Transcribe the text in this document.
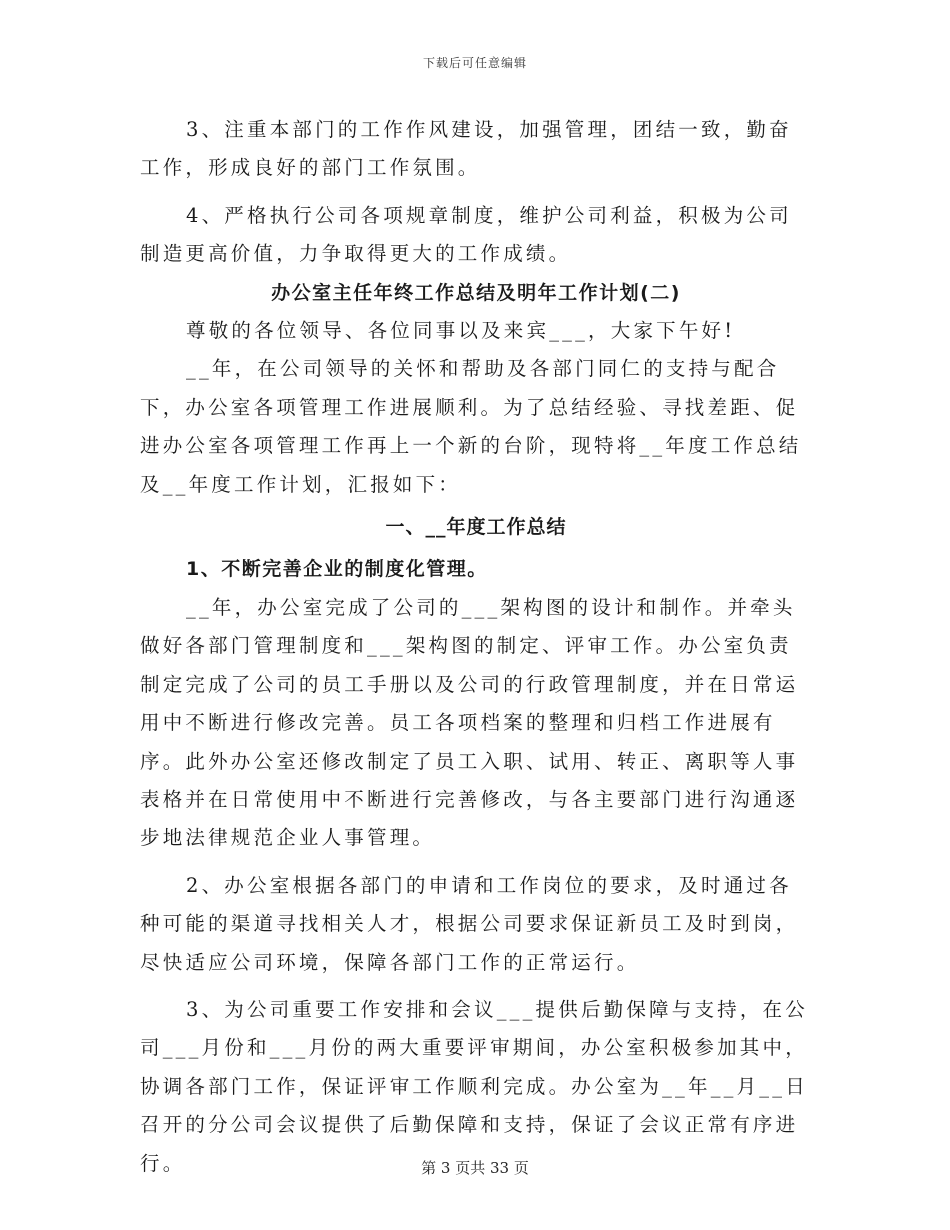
下载后可任意编辑

3、注重本部门的工作作风建设，加强管理，团结一致，勤奋工作，形成良好的部门工作氛围。

4、严格执行公司各项规章制度，维护公司利益，积极为公司制造更高价值，力争取得更大的工作成绩。

办公室主任年终工作总结及明年工作计划(二)

尊敬的各位领导、各位同事以及来宾___，大家下午好!

__年，在公司领导的关怀和帮助及各部门同仁的支持与配合下，办公室各项管理工作进展顺利。为了总结经验、寻找差距、促进办公室各项管理工作再上一个新的台阶，现特将__年度工作总结及__年度工作计划，汇报如下：

一、__年度工作总结

1、不断完善企业的制度化管理。

__年，办公室完成了公司的___架构图的设计和制作。并牵头做好各部门管理制度和___架构图的制定、评审工作。办公室负责制定完成了公司的员工手册以及公司的行政管理制度，并在日常运用中不断进行修改完善。员工各项档案的整理和归档工作进展有序。此外办公室还修改制定了员工入职、试用、转正、离职等人事表格并在日常使用中不断进行完善修改，与各主要部门进行沟通逐步地法律规范企业人事管理。

2、办公室根据各部门的申请和工作岗位的要求，及时通过各种可能的渠道寻找相关人才，根据公司要求保证新员工及时到岗，尽快适应公司环境，保障各部门工作的正常运行。

3、为公司重要工作安排和会议___提供后勤保障与支持，在公司___月份和___月份的两大重要评审期间，办公室积极参加其中，协调各部门工作，保证评审工作顺利完成。办公室为__年__月__日召开的分公司会议提供了后勤保障和支持，保证了会议正常有序进行。	第 3 页共 33 页
